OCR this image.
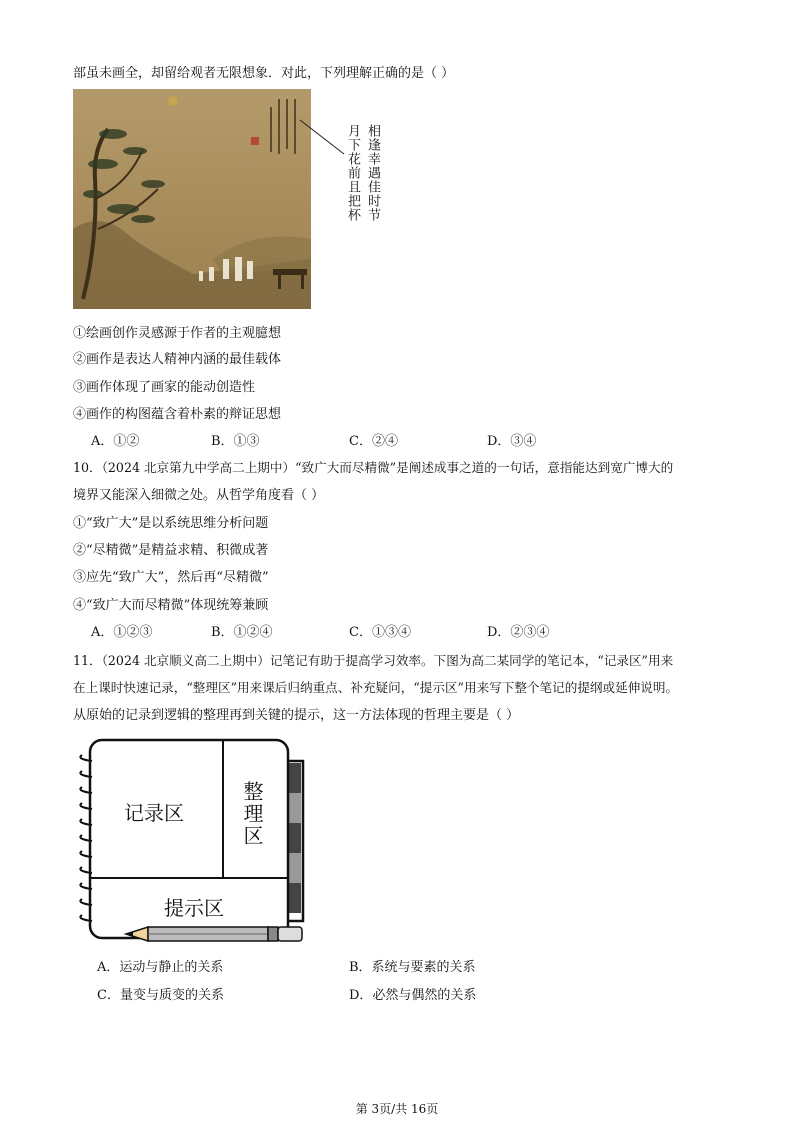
部虽未画全，却留给观者无限想象．对此，下列理解正确的是（ ）
相逢幸遇佳时节
月下花前且把杯
①绘画创作灵感源于作者的主观臆想
②画作是表达人精神内涵的最佳载体
③画作体现了画家的能动创造性
④画作的构图蕴含着朴素的辩证思想
A．①②	B．①③	C．②④	D．③④
10．（2024 北京第九中学高二上期中）“致广大而尽精微”是阐述成事之道的一句话，意指能达到宽广博大的
境界又能深入细微之处。从哲学角度看（ ）
①“致广大”是以系统思维分析问题
②“尽精微”是精益求精、积微成著
③应先“致广大”，然后再“尽精微”
④“致广大而尽精微”体现统筹兼顾
A．①②③	B．①②④	C．①③④	D．②③④
11．（2024 北京顺义高二上期中）记笔记有助于提高学习效率。下图为高二某同学的笔记本，“记录区”用来
在上课时快速记录，“整理区”用来课后归纳重点、补充疑问，“提示区”用来写下整个笔记的提纲或延伸说明。
从原始的记录到逻辑的整理再到关键的提示，这一方法体现的哲理主要是（ ）
记录区	整理区
提示区
A．运动与静止的关系	B．系统与要素的关系
C．量变与质变的关系	D．必然与偶然的关系
第 3页/共 16页
